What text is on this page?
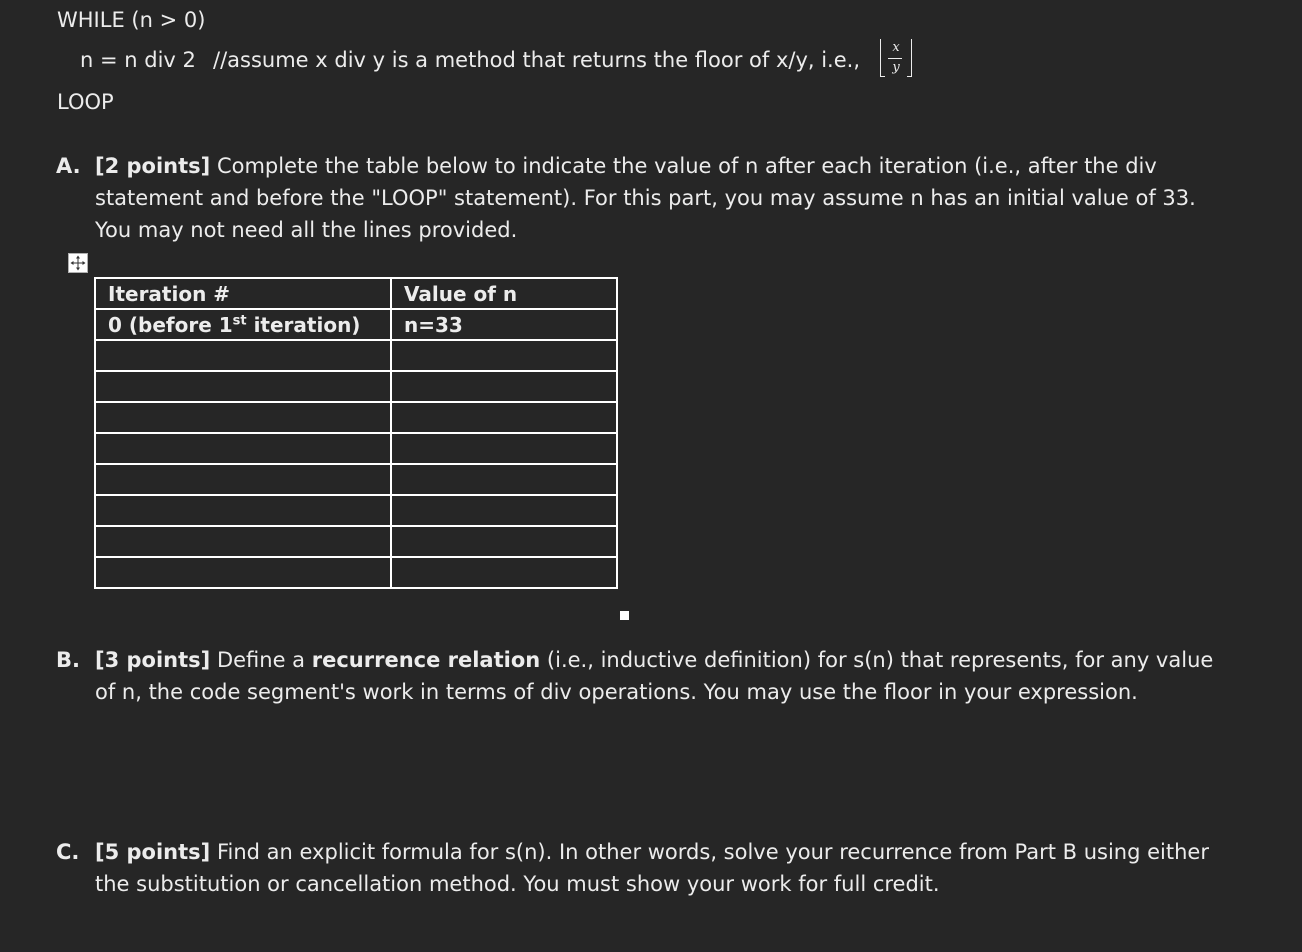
WHILE (n > 0)
n = n div 2 //assume x div y is a method that returns the floor of x/y, i.e.,
x
y
LOOP
A. [2 points] Complete the table below to indicate the value of n after each iteration (i.e., after the div statement and before the "LOOP" statement). For this part, you may assume n has an initial value of 33. You may not need all the lines provided.
Iteration #	Value of n
0 (before 1st iteration)	n=33

B. [3 points] Define a recurrence relation (i.e., inductive definition) for s(n) that represents, for any value of n, the code segment's work in terms of div operations. You may use the floor in your expression.
C. [5 points] Find an explicit formula for s(n). In other words, solve your recurrence from Part B using either the substitution or cancellation method. You must show your work for full credit.
